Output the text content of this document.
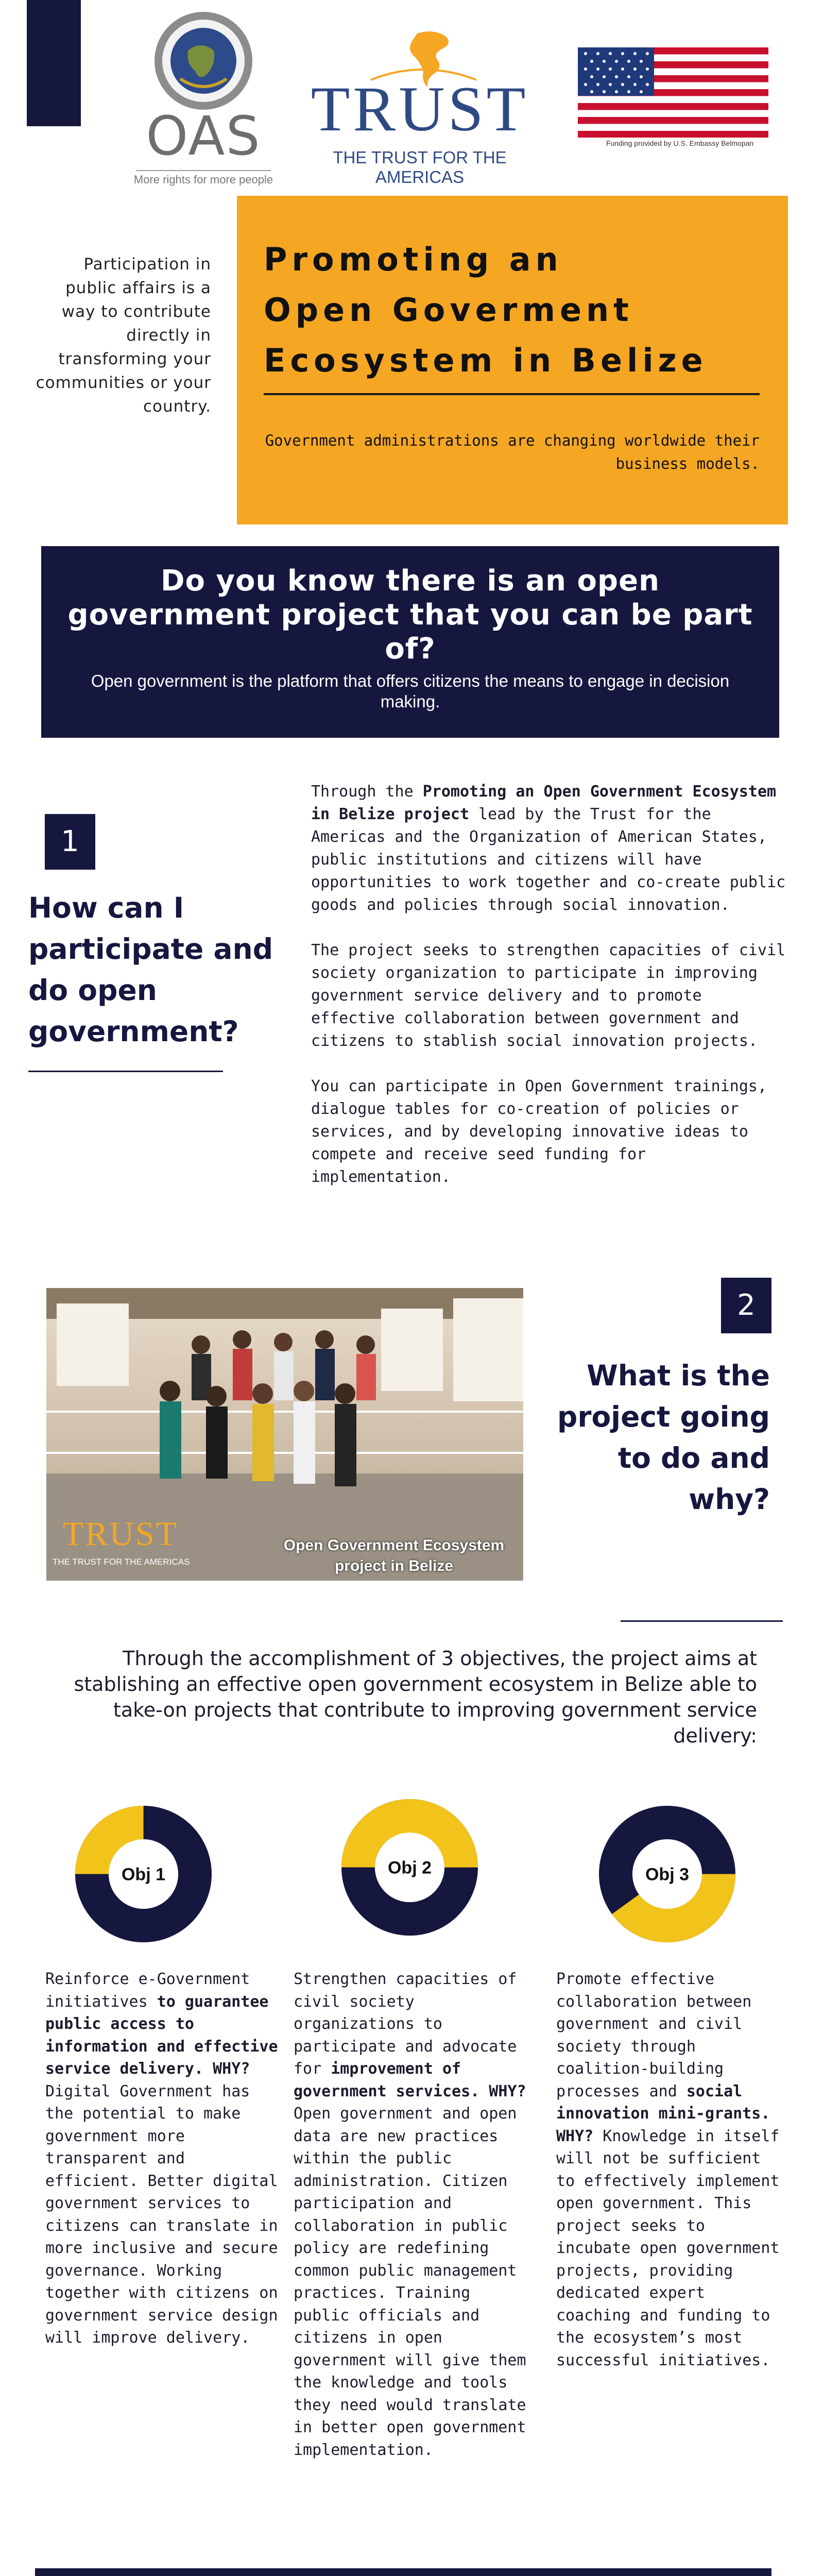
OAS
More rights for more people
TRUST
THE TRUST FOR THE AMERICAS
Funding provided by U.S. Embassy Belmopan
Participation in public affairs is a way to contribute directly in transforming your communities or your country.
Promoting an
Open Goverment
Ecosystem in Belize
Government administrations are changing worldwide their business models.
Do you know there is an open government project that you can be part of?
Open government is the platform that offers citizens the means to engage in decision making.
1
How can I participate and do open government?

Through the Promoting an Open Government Ecosystem in Belize project lead by the Trust for the Americas and the Organization of American States, public institutions and citizens will have opportunities to work together and co-create public goods and policies through social innovation.

The project seeks to strengthen capacities of civil society organization to participate in improving government service delivery and to promote effective collaboration between government and citizens to stablish social innovation projects.

You can participate in Open Government trainings, dialogue tables for co-creation of policies or services, and by developing innovative ideas to compete and receive seed funding for implementation.

TRUST
THE TRUST FOR THE AMERICAS
Open Government Ecosystem project in Belize
2
What is the project going to do and why?
Through the accomplishment of 3 objectives, the project aims at stablishing an effective open government ecosystem in Belize able to take-on projects that contribute to improving government service delivery:
Obj 1	Obj 2	Obj 3
Reinforce e-Government initiatives to guarantee public access to information and effective service delivery. WHY? Digital Government has the potential to make government more transparent and efficient. Better digital government services to citizens can translate in more inclusive and secure governance. Working together with citizens on government service design will improve delivery.
Strengthen capacities of civil society organizations to participate and advocate for improvement of government services. WHY? Open government and open data are new practices within the public administration. Citizen participation and collaboration in public policy are redefining common public management practices. Training public officials and citizens in open government will give them the knowledge and tools they need would translate in better open government implementation.
Promote effective collaboration between government and civil society through coalition-building processes and social innovation mini-grants. WHY? Knowledge in itself will not be sufficient to effectively implement open government. This project seeks to incubate open government projects, providing dedicated expert coaching and funding to the ecosystem’s most successful initiatives.
